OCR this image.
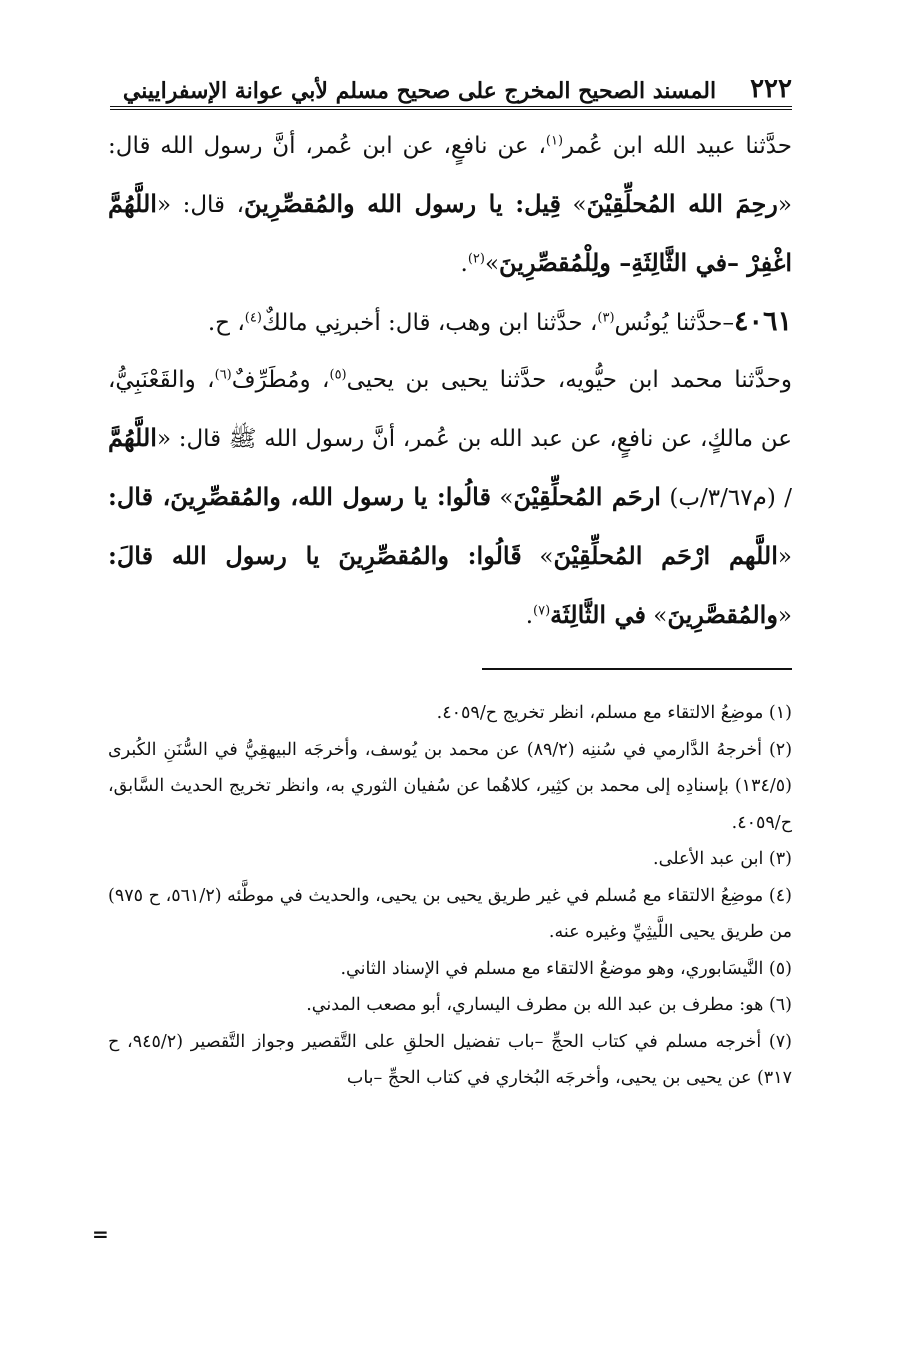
٢٢٢
المسند الصحيح المخرج على صحيح مسلم لأبي عوانة الإسفراييني

حدَّثنا عبيد الله ابن عُمر$^{(١)}$، عن نافعٍ، عن ابن عُمر، أنَّ رسول الله قال: «رحِمَ الله المُحلِّقِيْنَ» قِيل: يا رسول الله والمُقصِّرِينَ، قال: «اللَّهُمَّ اغْفِرْ –في الثَّالِثَةِ– ولِلْمُقصِّرِينَ»$^{(٢)}$.

٤٠٦١–حدَّثنا يُونُس$^{(٣)}$، حدَّثنا ابن وهب، قال: أخبرنِي مالكٌ$^{(٤)}$، ح.

وحدَّثنا محمد ابن حيُّويه، حدَّثنا يحيى بن يحيى$^{(٥)}$، ومُطَرِّفٌ$^{(٦)}$، والقَعْنَبِيُّ، عن مالكٍ، عن نافعٍ، عن عبد الله بن عُمر، أنَّ رسول الله ﷺ قال: «اللَّهُمَّ / (م٣/٦٧/ب) ارحَم المُحلِّقِيْنَ» قالُوا: يا رسول الله، والمُقصِّرِينَ، قال: «اللَّهم ارْحَم المُحلِّقِيْنَ» قَالُوا: والمُقصِّرِينَ يا رسول الله قالَ: «والمُقصَّرِينَ» في الثَّالِثَة$^{(٧)}$.

(١) موضِعُ الالتقاء مع مسلم، انظر تخريج ح/٤٠٥٩.

(٢) أخرجهُ الدَّارمي في سُننِه (٨٩/٢) عن محمد بن يُوسف، وأخرجَه البيهقِيُّ في السُّنَنِ الكُبرى (١٣٤/٥) بإسنادِه إلى محمد بن كثِير، كلاهُما عن سُفيان الثوري به، وانظر تخريج الحديث السَّابق، ح/٤٠٥٩.

(٣) ابن عبد الأعلى.

(٤) موضِعُ الالتقاء مع مُسلم في غير طريق يحيى بن يحيى، والحديث في موطَّئه (٥٦١/٢، ح ٩٧٥) من طريق يحيى اللَّيثِيِّ وغيره عنه.

(٥) النَّيسَابوري، وهو موضعُ الالتقاء مع مسلم في الإسناد الثاني.

(٦) هو: مطرف بن عبد الله بن مطرف اليساري، أبو مصعب المدني.

(٧) أخرجه مسلم في كتاب الحجِّ –باب تفضيل الحلقِ على التَّقصير وجواز التَّقصير (٩٤٥/٢، ح ٣١٧) عن يحيى بن يحيى، وأخرجَه البُخاري في كتاب الحجِّ –باب

=
